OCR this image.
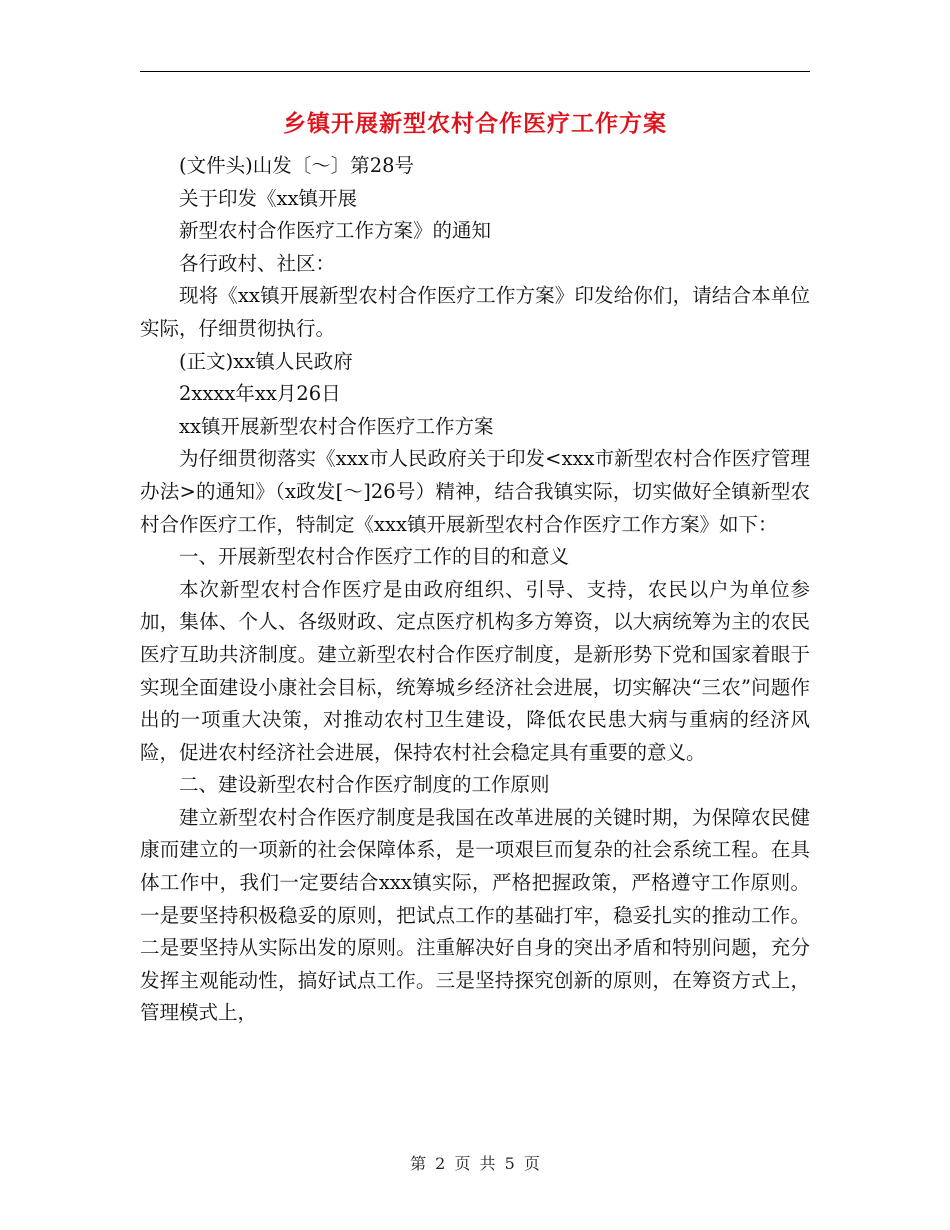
乡镇开展新型农村合作医疗工作方案

(文件头)山发〔～〕第28号

关于印发《xx镇开展

新型农村合作医疗工作方案》的通知

各行政村、社区：

现将《xx镇开展新型农村合作医疗工作方案》印发给你们，请结合本单位实际，仔细贯彻执行。

(正文)xx镇人民政府

2xxxx年xx月26日

xx镇开展新型农村合作医疗工作方案

为仔细贯彻落实《xxx市人民政府关于印发<xxx市新型农村合作医疗管理办法>的通知》（x政发[～]26号）精神，结合我镇实际，切实做好全镇新型农村合作医疗工作，特制定《xxx镇开展新型农村合作医疗工作方案》如下：

一、开展新型农村合作医疗工作的目的和意义

本次新型农村合作医疗是由政府组织、引导、支持，农民以户为单位参加，集体、个人、各级财政、定点医疗机构多方筹资，以大病统筹为主的农民医疗互助共济制度。建立新型农村合作医疗制度，是新形势下党和国家着眼于实现全面建设小康社会目标，统筹城乡经济社会进展，切实解决“三农”问题作出的一项重大决策，对推动农村卫生建设，降低农民患大病与重病的经济风险，促进农村经济社会进展，保持农村社会稳定具有重要的意义。

二、建设新型农村合作医疗制度的工作原则

建立新型农村合作医疗制度是我国在改革进展的关键时期，为保障农民健康而建立的一项新的社会保障体系，是一项艰巨而复杂的社会系统工程。在具体工作中，我们一定要结合xxx镇实际，严格把握政策，严格遵守工作原则。一是要坚持积极稳妥的原则，把试点工作的基础打牢，稳妥扎实的推动工作。二是要坚持从实际出发的原则。注重解决好自身的突出矛盾和特别问题，充分发挥主观能动性，搞好试点工作。三是坚持探究创新的原则，在筹资方式上，管理模式上，

第 2 页 共 5 页
